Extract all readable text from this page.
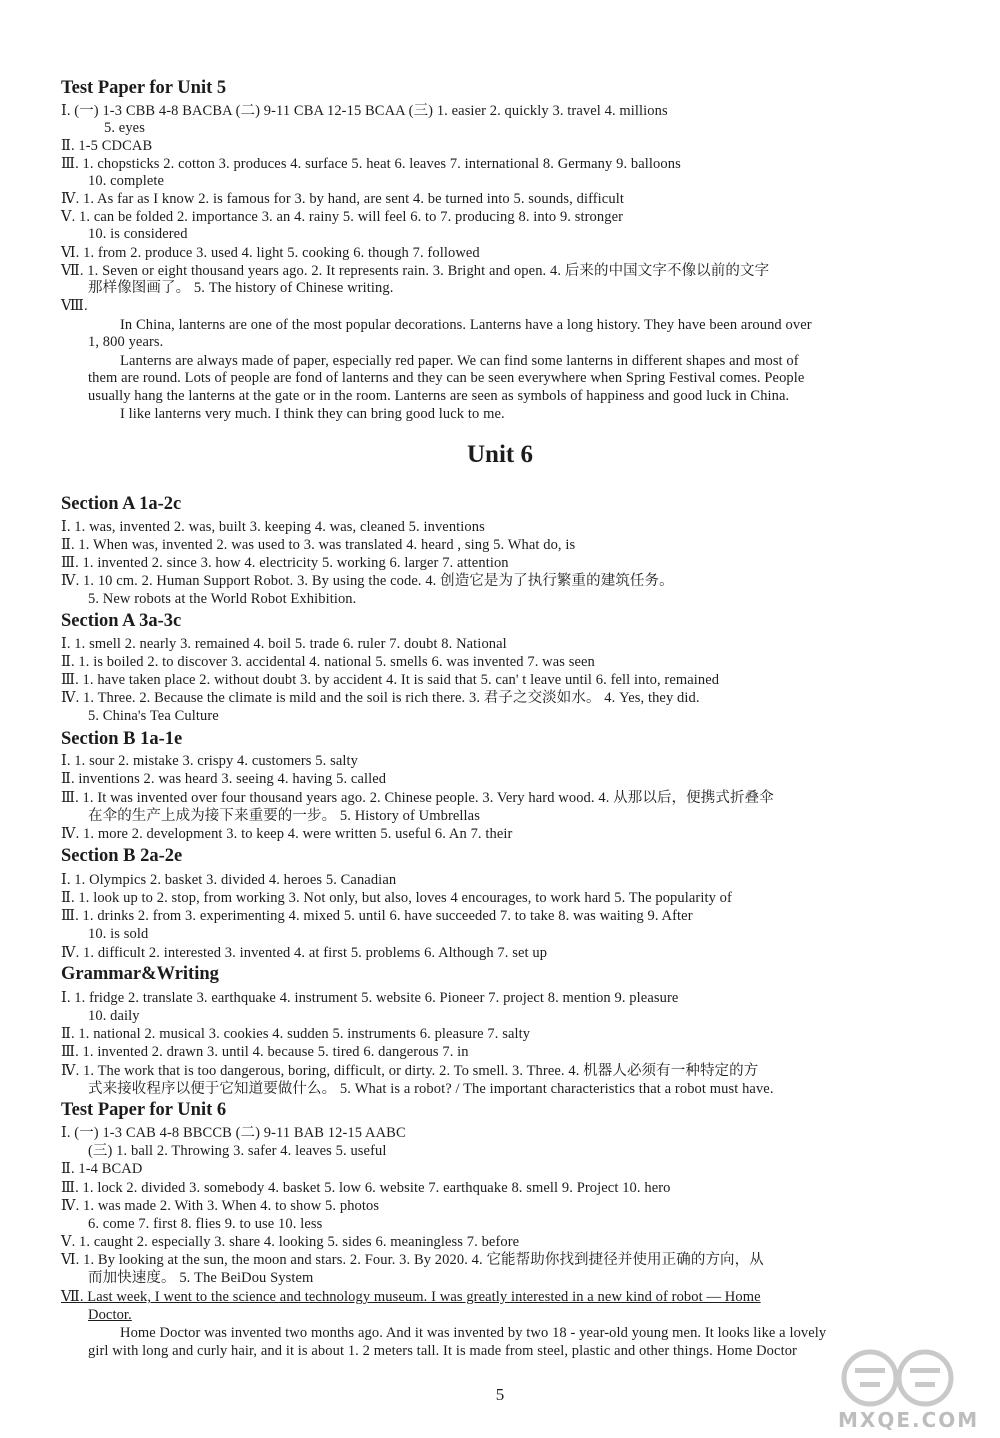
Test Paper for Unit 5
Ⅰ. (一) 1-3 CBB 4-8 BACBA (二) 9-11 CBA 12-15 BCAA (三) 1. easier 2. quickly 3. travel 4. millions
5. eyes
Ⅱ. 1-5 CDCAB
Ⅲ. 1. chopsticks 2. cotton 3. produces 4. surface 5. heat 6. leaves 7. international 8. Germany 9. balloons
10. complete
Ⅳ. 1. As far as I know 2. is famous for 3. by hand, are sent 4. be turned into 5. sounds, difficult
Ⅴ. 1. can be folded 2. importance 3. an 4. rainy 5. will feel 6. to 7. producing 8. into 9. stronger
10. is considered
Ⅵ. 1. from 2. produce 3. used 4. light 5. cooking 6. though 7. followed
Ⅶ. 1. Seven or eight thousand years ago. 2. It represents rain. 3. Bright and open. 4. 后来的中国文字不像以前的文字
那样像图画了。 5. The history of Chinese writing.
Ⅷ.
In China, lanterns are one of the most popular decorations. Lanterns have a long history. They have been around over
1, 800 years.
Lanterns are always made of paper, especially red paper. We can find some lanterns in different shapes and most of
them are round. Lots of people are fond of lanterns and they can be seen everywhere when Spring Festival comes. People
usually hang the lanterns at the gate or in the room. Lanterns are seen as symbols of happiness and good luck in China.
I like lanterns very much. I think they can bring good luck to me.
Unit 6
Section A 1a-2c
Ⅰ. 1. was, invented 2. was, built 3. keeping 4. was, cleaned 5. inventions
Ⅱ. 1. When was, invented 2. was used to 3. was translated 4. heard , sing 5. What do, is
Ⅲ. 1. invented 2. since 3. how 4. electricity 5. working 6. larger 7. attention
Ⅳ. 1. 10 cm. 2. Human Support Robot. 3. By using the code. 4. 创造它是为了执行繁重的建筑任务。
5. New robots at the World Robot Exhibition.
Section A 3a-3c
Ⅰ. 1. smell 2. nearly 3. remained 4. boil 5. trade 6. ruler 7. doubt 8. National
Ⅱ. 1. is boiled 2. to discover 3. accidental 4. national 5. smells 6. was invented 7. was seen
Ⅲ. 1. have taken place 2. without doubt 3. by accident 4. It is said that 5. can' t leave until 6. fell into, remained
Ⅳ. 1. Three. 2. Because the climate is mild and the soil is rich there. 3. 君子之交淡如水。 4. Yes, they did.
5. China's Tea Culture
Section B 1a-1e
Ⅰ. 1. sour 2. mistake 3. crispy 4. customers 5. salty
Ⅱ. inventions 2. was heard 3. seeing 4. having 5. called
Ⅲ. 1. It was invented over four thousand years ago. 2. Chinese people. 3. Very hard wood. 4. 从那以后，便携式折叠伞
在伞的生产上成为接下来重要的一步。 5. History of Umbrellas
Ⅳ. 1. more 2. development 3. to keep 4. were written 5. useful 6. An 7. their
Section B 2a-2e
Ⅰ. 1. Olympics 2. basket 3. divided 4. heroes 5. Canadian
Ⅱ. 1. look up to 2. stop, from working 3. Not only, but also, loves 4 encourages, to work hard 5. The popularity of
Ⅲ. 1. drinks 2. from 3. experimenting 4. mixed 5. until 6. have succeeded 7. to take 8. was waiting 9. After
10. is sold
Ⅳ. 1. difficult 2. interested 3. invented 4. at first 5. problems 6. Although 7. set up
Grammar&Writing
Ⅰ. 1. fridge 2. translate 3. earthquake 4. instrument 5. website 6. Pioneer 7. project 8. mention 9. pleasure
10. daily
Ⅱ. 1. national 2. musical 3. cookies 4. sudden 5. instruments 6. pleasure 7. salty
Ⅲ. 1. invented 2. drawn 3. until 4. because 5. tired 6. dangerous 7. in
Ⅳ. 1. The work that is too dangerous, boring, difficult, or dirty. 2. To smell. 3. Three. 4. 机器人必须有一种特定的方
式来接收程序以便于它知道要做什么。 5. What is a robot? / The important characteristics that a robot must have.
Test Paper for Unit 6
Ⅰ. (一) 1-3 CAB 4-8 BBCCB (二) 9-11 BAB 12-15 AABC
(三) 1. ball 2. Throwing 3. safer 4. leaves 5. useful
Ⅱ. 1-4 BCAD
Ⅲ. 1. lock 2. divided 3. somebody 4. basket 5. low 6. website 7. earthquake 8. smell 9. Project 10. hero
Ⅳ. 1. was made 2. With 3. When 4. to show 5. photos
6. come 7. first 8. flies 9. to use 10. less
Ⅴ. 1. caught 2. especially 3. share 4. looking 5. sides 6. meaningless 7. before
Ⅵ. 1. By looking at the sun, the moon and stars. 2. Four. 3. By 2020. 4. 它能帮助你找到捷径并使用正确的方向，从
而加快速度。 5. The BeiDou System
Ⅶ. Last week, I went to the science and technology museum. I was greatly interested in a new kind of robot — Home
Doctor.
Home Doctor was invented two months ago. And it was invented by two 18 - year-old young men. It looks like a lovely
girl with long and curly hair, and it is about 1. 2 meters tall. It is made from steel, plastic and other things. Home Doctor
5
MXQE.COM
